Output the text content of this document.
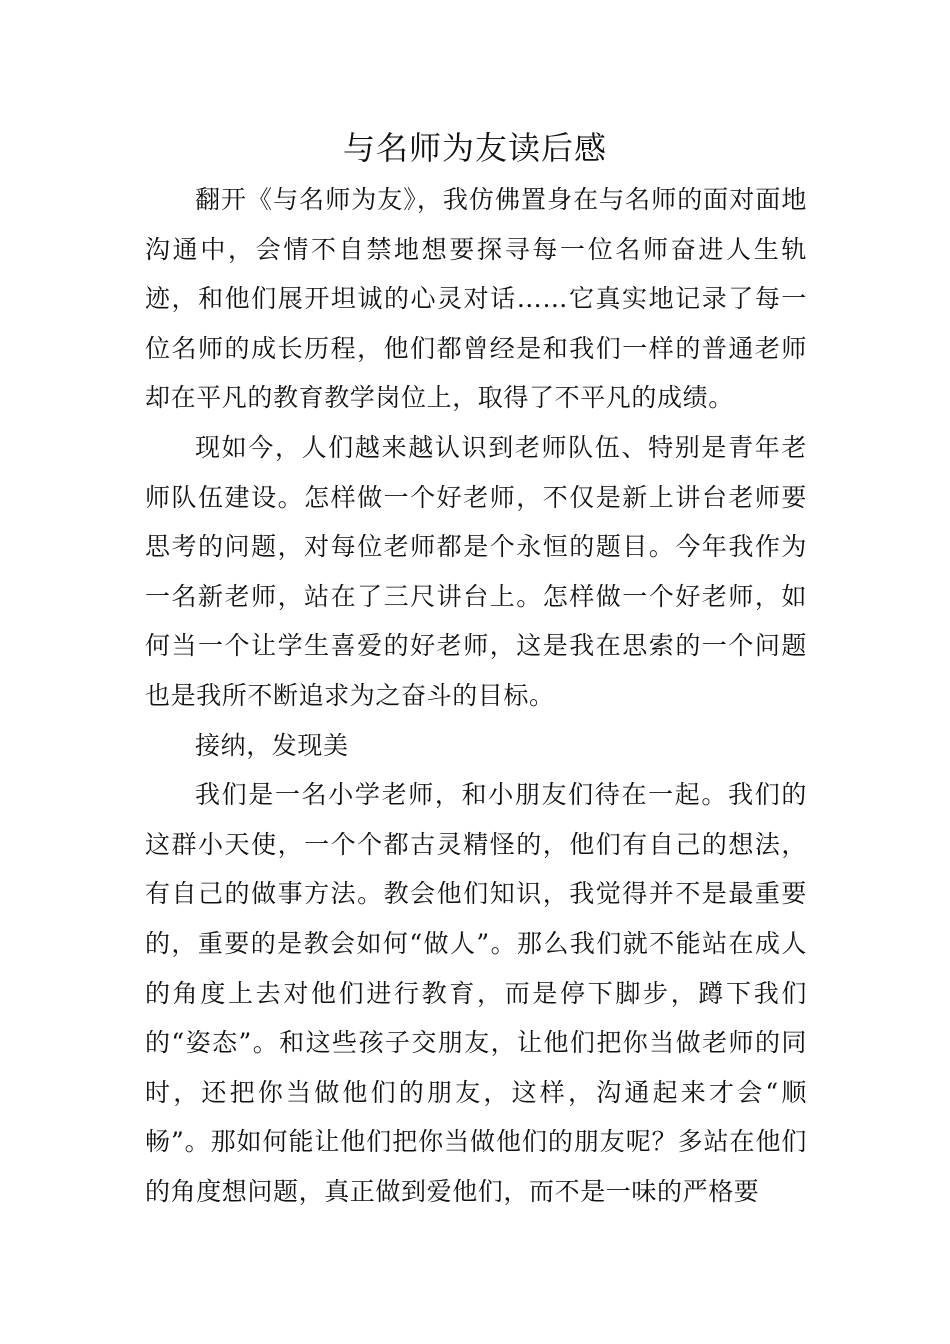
与名师为友读后感

翻开《与名师为友》，我仿佛置身在与名师的面对面地沟通中，会情不自禁地想要探寻每一位名师奋进人生轨迹，和他们展开坦诚的心灵对话……它真实地记录了每一位名师的成长历程，他们都曾经是和我们一样的普通老师却在平凡的教育教学岗位上，取得了不平凡的成绩。

现如今，人们越来越认识到老师队伍、特别是青年老师队伍建设。怎样做一个好老师，不仅是新上讲台老师要思考的问题，对每位老师都是个永恒的题目。今年我作为一名新老师，站在了三尺讲台上。怎样做一个好老师，如何当一个让学生喜爱的好老师，这是我在思索的一个问题也是我所不断追求为之奋斗的目标。

接纳，发现美

我们是一名小学老师，和小朋友们待在一起。我们的这群小天使，一个个都古灵精怪的，他们有自己的想法，有自己的做事方法。教会他们知识，我觉得并不是最重要的，重要的是教会如何“做人”。那么我们就不能站在成人的角度上去对他们进行教育，而是停下脚步，蹲下我们的“姿态”。和这些孩子交朋友，让他们把你当做老师的同时，还把你当做他们的朋友，这样，沟通起来才会“顺畅”。那如何能让他们把你当做他们的朋友呢？多站在他们的角度想问题，真正做到爱他们，而不是一味的严格要
